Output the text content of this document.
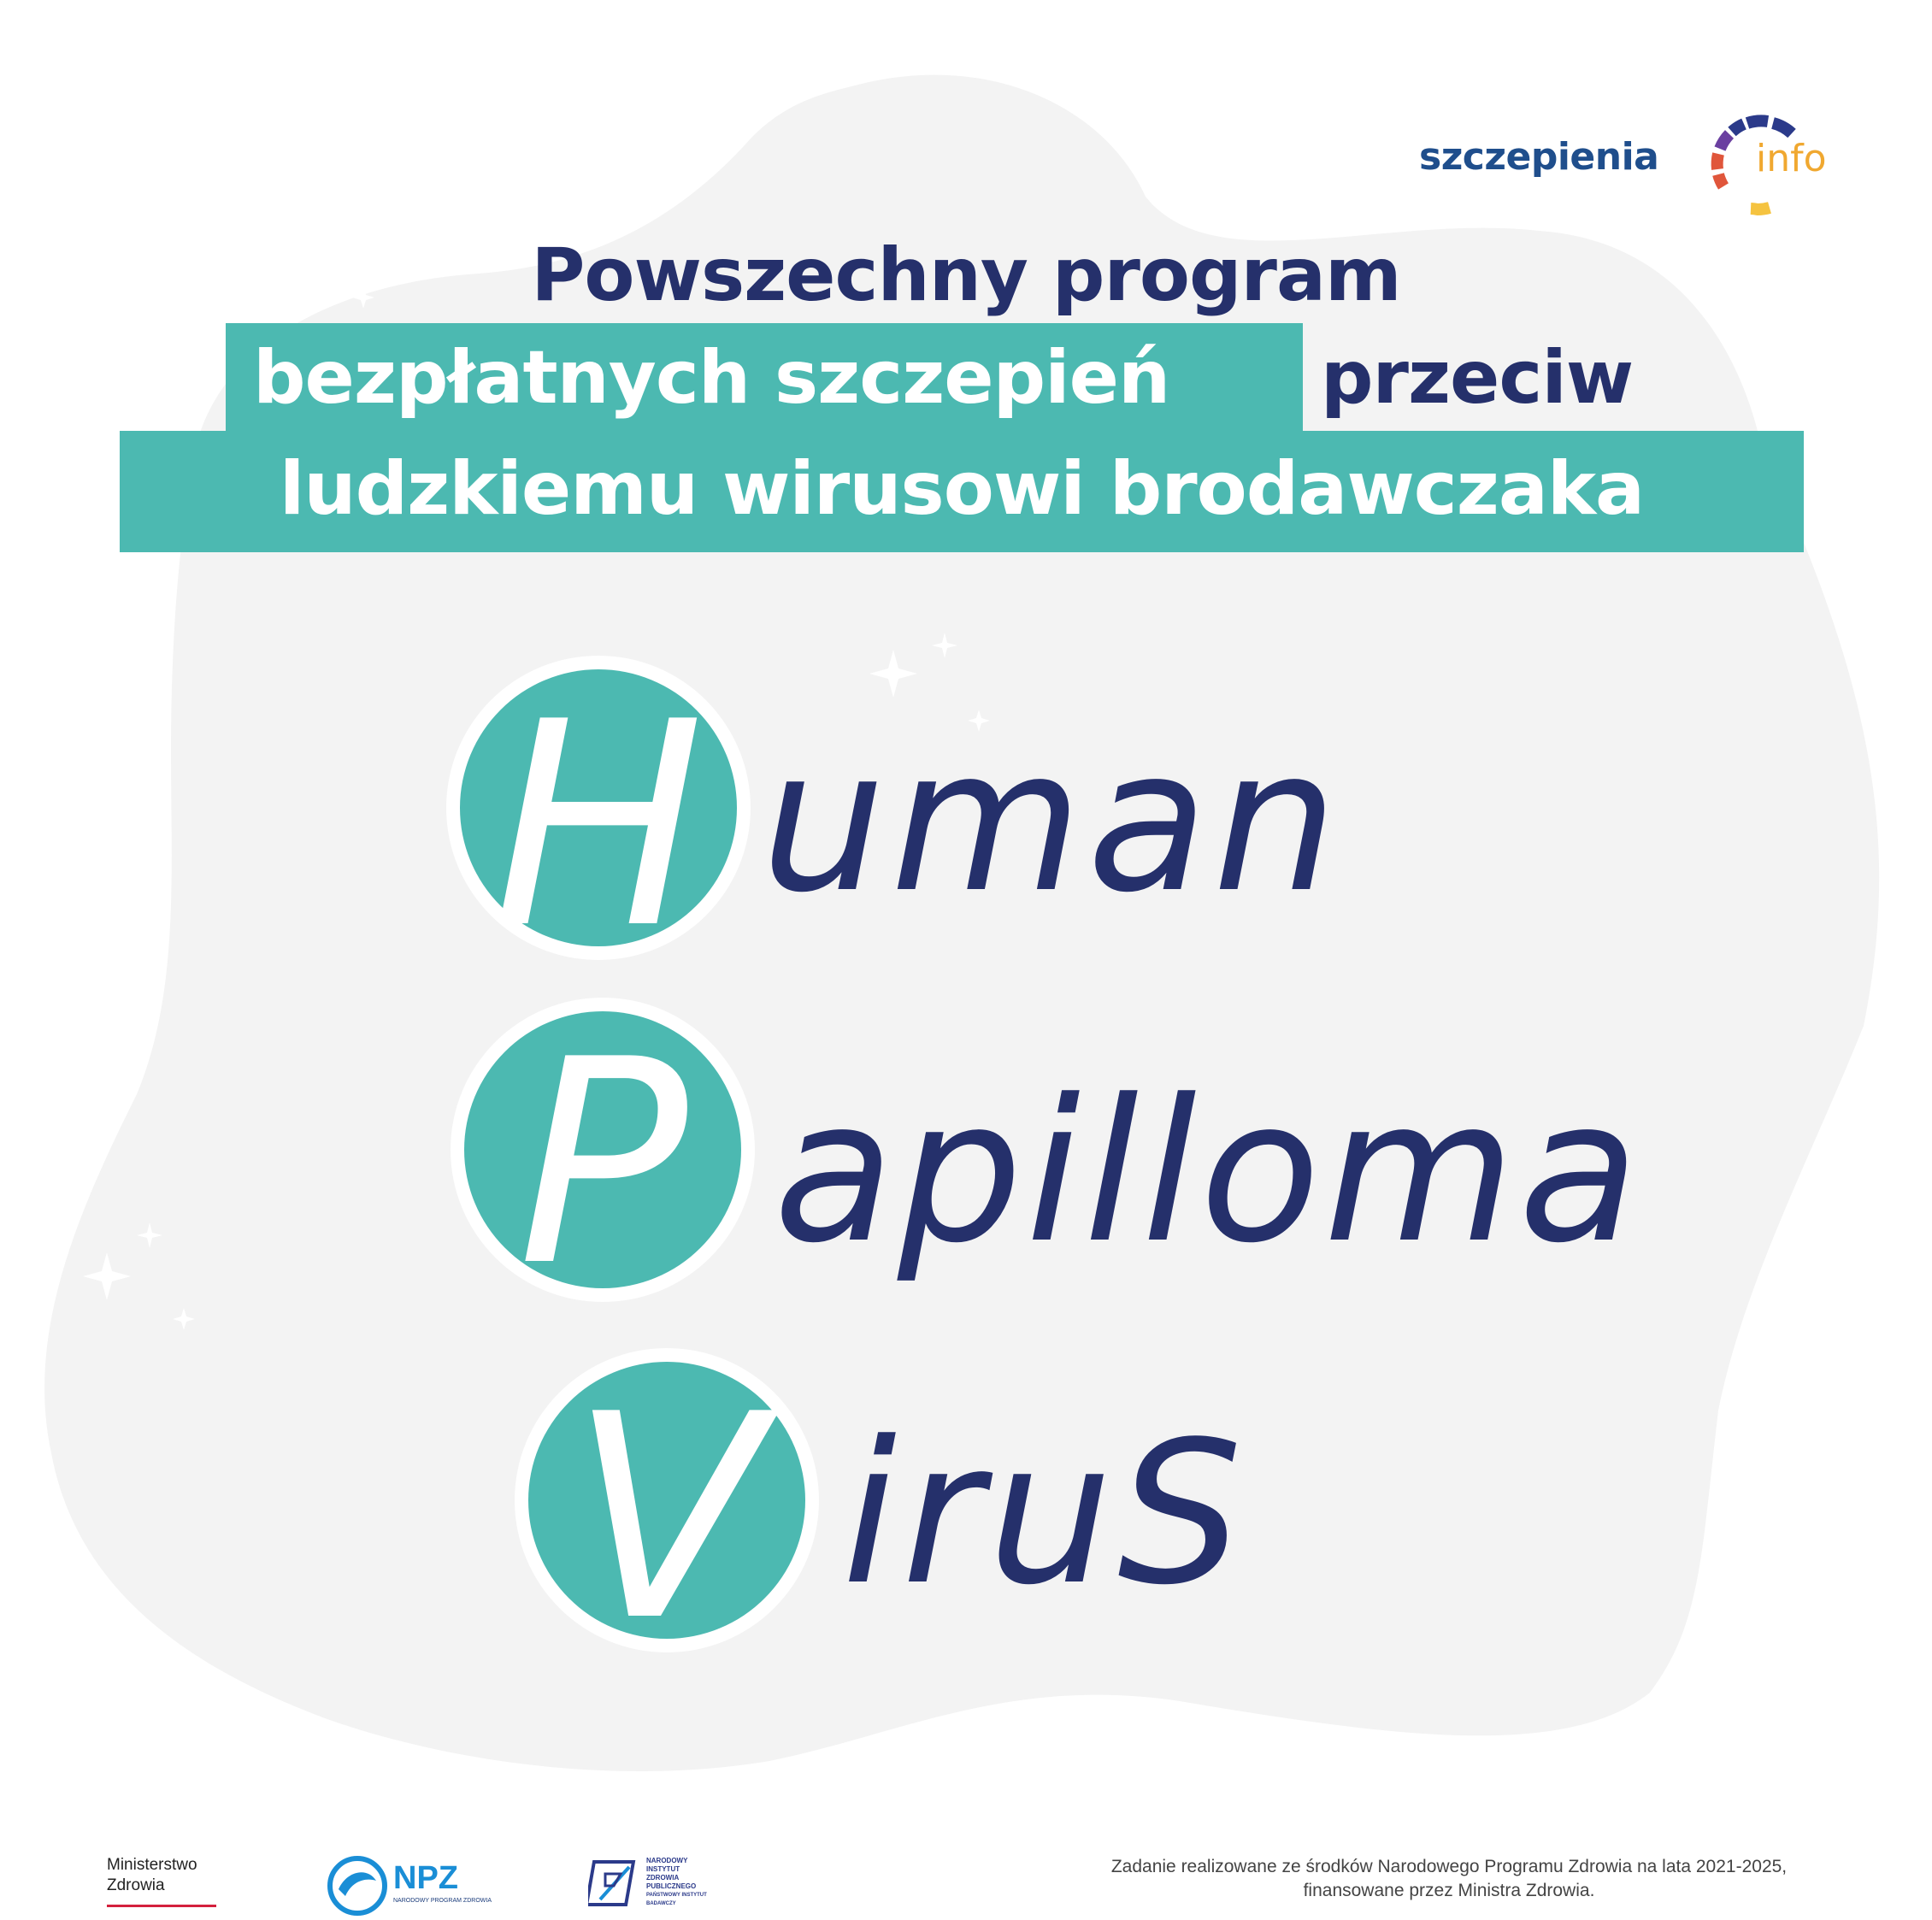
szczepienia	info
Powszechny program
bezpłatnych szczepień przeciw
ludzkiemu wirusowi brodawczaka
H uman
P apilloma
V iruS
Ministerstwo
Zdrowia	NPZ
NARODOWY PROGRAM ZDROWIA
NARODOWY
INSTYTUT
ZDROWIA
PUBLICZNEGO
PAŃSTWOWY INSTYTUT
BADAWCZY
Zadanie realizowane ze środków Narodowego Programu Zdrowia na lata 2021-2025,
finansowane przez Ministra Zdrowia.
